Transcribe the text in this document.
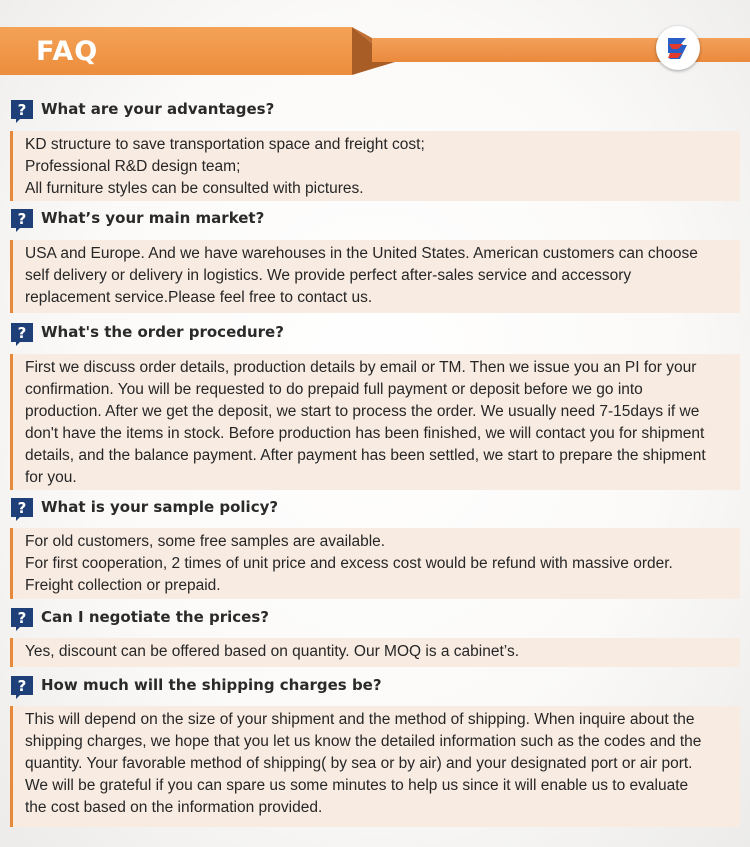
FAQ
? What are your advantages?
KD structure to save transportation space and freight cost;
Professional R&D design team;
All furniture styles can be consulted with pictures.
? What’s your main market?
USA and Europe. And we have warehouses in the United States. American customers can choose
self delivery or delivery in logistics. We provide perfect after-sales service and accessory
replacement service.Please feel free to contact us.
? What's the order procedure?
First we discuss order details, production details by email or TM. Then we issue you an PI for your
confirmation. You will be requested to do prepaid full payment or deposit before we go into
production. After we get the deposit, we start to process the order. We usually need 7-15days if we
don't have the items in stock. Before production has been finished, we will contact you for shipment
details, and the balance payment. After payment has been settled, we start to prepare the shipment
for you.
? What is your sample policy?
For old customers, some free samples are available.
For first cooperation, 2 times of unit price and excess cost would be refund with massive order.
Freight collection or prepaid.
? Can I negotiate the prices?
Yes, discount can be offered based on quantity. Our MOQ is a cabinet’s.
? How much will the shipping charges be?
This will depend on the size of your shipment and the method of shipping. When inquire about the
shipping charges, we hope that you let us know the detailed information such as the codes and the
quantity. Your favorable method of shipping( by sea or by air) and your designated port or air port.
We will be grateful if you can spare us some minutes to help us since it will enable us to evaluate
the cost based on the information provided.
